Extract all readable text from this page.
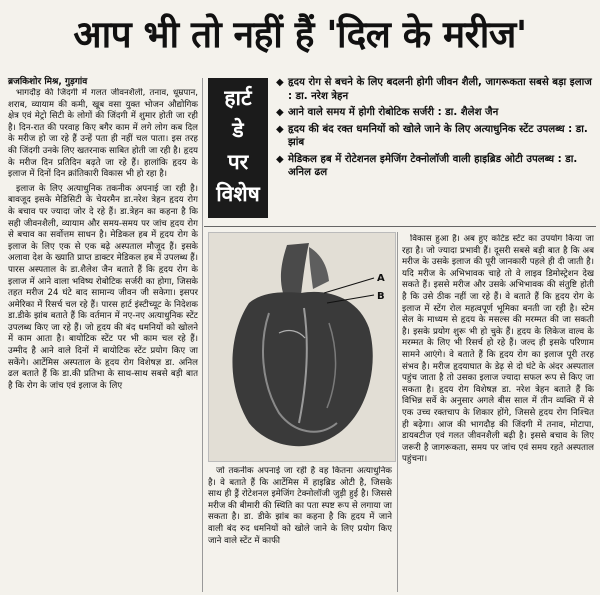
आप भी तो नहीं हैं 'दिल के मरीज'
ब्रजकिशोर मिश्र, गुड़गांव

भागदौड़ की जिंदगी में गलत जीवनशैली, तनाव, धूम्रपान, शराब, व्यायाम की कमी, खूब वसा युक्त भोजन औद्योगिक क्षेत्र एवं मेट्रो सिटी के लोगों की जिंदगी में शुमार होती जा रही है। दिन-रात की परवाह किए बगैर काम में लगे लोग कब दिल के मरीज हो जा रहे हैं उन्हें पता ही नहीं चल पाता। इस तरह की जिंदगी उनके लिए खतरनाक साबित होती जा रही है। हृदय के मरीज दिन प्रतिदिन बढ़ते जा रहे हैं। हालांकि हृदय के इलाज में दिनों दिन क्रांतिकारी विकास भी हो रहा है।

इलाज के लिए अत्याधुनिक तकनीक अपनाई जा रही है। बावजूद इसके मेडिसिटी के चेयरमैन डा.नरेश त्रेहन हृदय रोग के बचाव पर ज्यादा जोर दे रहे हैं। डा.त्रेहन का कहना है कि सही जीवनशैली, व्यायाम और समय-समय पर जांच हृदय रोग से बचाव का सर्वोत्तम साधन है। मेडिकल हब में हृदय रोग के इलाज के लिए एक से एक बढ़े अस्पताल मौजूद हैं। इसके अलावा देश के ख्याति प्राप्त डाक्टर मेडिकल हब में उपलब्ध हैं। पारस अस्पताल के डा.शैलेश जैन बताते हैं कि हृदय रोग के इलाज में आने वाला भविष्य रोबोटिक सर्जरी का होगा, जिसके तहत मरीज 24 घंटे बाद सामान्य जीवन जी सकेगा। इसपर अमेरिका में रिसर्च चल रहे हैं। पारस हार्ट इंस्टीच्यूट के निदेशक डा.डीके झांब बताते हैं कि वर्तमान में नए-नए अत्याधुनिक स्टेंट उपलब्ध किए जा रहे हैं। जो हृदय की बंद धमनियों को खोलने में काम आता है। बायोटिक स्टेंट पर भी काम चल रहे हैं। उम्मीद है आने वाले दिनों में बायोटिक स्टेंट प्रयोग किए जा सकेंगे। आर्टेमिस अस्पताल के हृदय रोग विशेषज्ञ डा. अनिल ढल बताते हैं कि डा.की प्रतिभा के साथ-साथ सबसे बड़ी बात है कि रोग के जांच एवं इलाज के लिए

हार्ट
डे
पर
विशेष
◆ हृदय रोग से बचने के लिए बदलनी होगी जीवन शैली, जागरूकता सबसे बड़ा इलाज : डा. नरेश त्रेहन
◆ आने वाले समय में होगी रोबोटिक सर्जरी : डा. शैलेश जैन
◆ हृदय की बंद रक्त धमनियों को खोले जाने के लिए अत्याधुनिक स्टेंट उपलब्ध : डा. झांब
◆ मेडिकल हब में रोटेशनल इमेजिंग टेक्नोलॉजी वाली हाइब्रिड ओटी उपलब्ध : डा. अनिल ढल
A
B

जो तकनीक अपनाई जा रही है वह कितना अत्याधुनिक है। वे बताते हैं कि आर्टेमिस में हाइब्रिड ओटी है, जिसके साथ ही ड्रैं रोटेशनल इमेजिंग टेक्नोलॉजी जुड़ी हुई है। जिससे मरीज की बीमारी की स्थिति का पता स्पष्ट रूप से लगाया जा सकता है। डा. डीके झांब का कहना है कि हृदय में जाने वाली बंद रुद धमनियों को खोले जाने के लिए प्रयोग किए जाने वाले स्टेंट में काफी

विकास हुआ है। अब हुए कोटेड स्टेंट का उपयोग किया जा रहा है। जो ज्यादा प्रभावी हैं। दूसरी सबसे बड़ी बात है कि अब मरीज के उसके इलाज की पूरी जानकारी पहले ही दी जाती है। यदि मरीज के अभिभावक चाहे तो वे लाइव डिमोस्ट्रेशन देख सकते हैं। इससे मरीज और उसके अभिभावक की संतुष्टि होती है कि उसे ठीक नहीं जा रहे हैं। वे बताते हैं कि हृदय रोग के इलाज में स्टेंग रोल महत्वपूर्ण भूमिका बनती जा रही है। स्टेम सेल के माध्यम से हृदय के मसल्स की मरम्मत की जा सकती है। इसके प्रयोग शुरू भी हो चुके हैं। हृदय के लिकेज वाल्व के मरम्मत के लिए भी रिसर्च हो रहे हैं। जल्द ही इसके परिणाम सामने आएंगे। वे बताते हैं कि हृदय रोग का इलाज पूरी तरह संभव है। मरीज हृदयाघात के डेढ़ से दो घंटे के अंदर अस्पताल पहुंच जाता है तो उसका इलाज ज्यादा सफल रूप से किए जा सकता है। हृदय रोग विशेषज्ञ डा. नरेश त्रेहन बताते हैं कि विभिन्न सर्वे के अनुसार अगले बीस साल में तीन व्यक्ति में से एक उच्च रक्तचाप के शिकार होंगे, जिससे हृदय रोग निश्चित ही बढ़ेगा। आज की भागदौड़ की जिंदगी में तनाव, मोटापा, डायबटीज एवं गलत जीवनशैली बढ़ी है। इससे बचाव के लिए जरूरी है जागरूकता, समय पर जांच एवं समय रहते अस्पताल पहुंचना।
